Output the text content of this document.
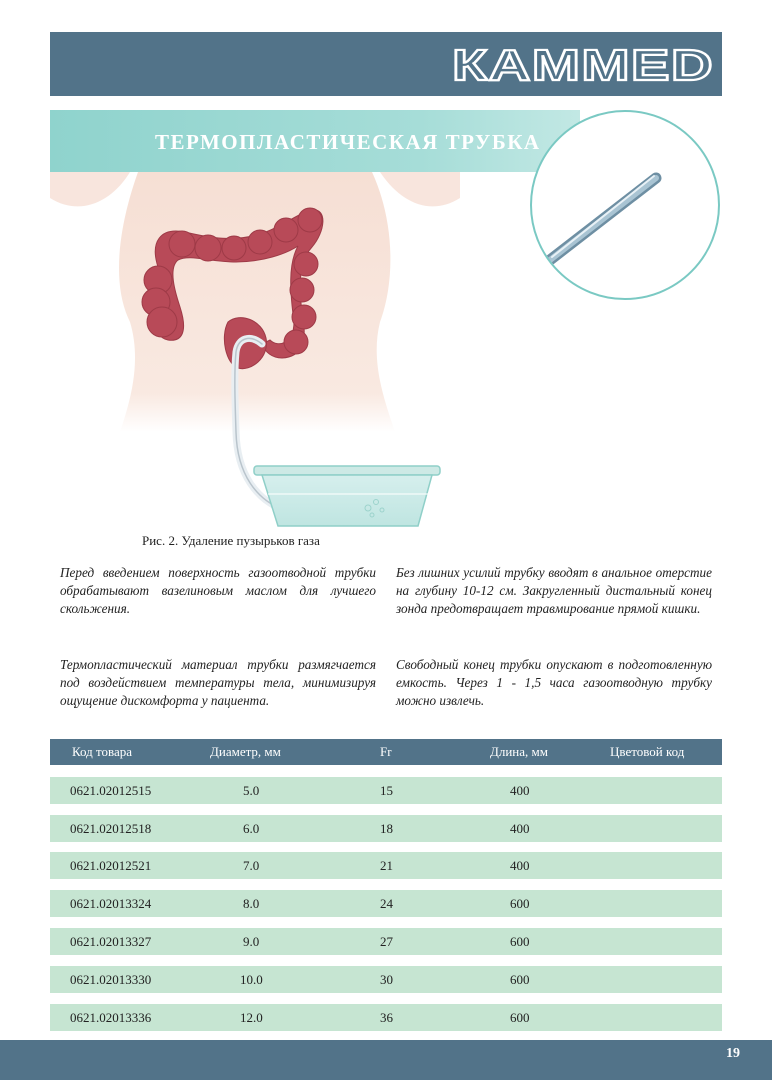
КАММЕD
ТЕРМОПЛАСТИЧЕСКАЯ ТРУБКА
Рис. 2. Удаление пузырьков газа

Перед введением поверхность газоотводной трубки обрабатывают вазелиновым маслом для лучшего скольжения.

Термопластический материал трубки размягчается под воздействием температуры тела, минимизируя ощущение дискомфорта у пациента.

Без лишних усилий трубку вводят в анальное отерстие на глубину 10-12 см. Закругленный дистальный конец зонда предотвращает травмирование прямой кишки.

Свободный конец трубки опускают в подготовленную емкость. Через 1 - 1,5 часа газоотводную трубку можно извлечь.

Код товара	Диаметр, мм	Fr	Длина, мм	Цветовой код
0621.02012515	5.0	15	400
0621.02012518	6.0	18	400
0621.02012521	7.0	21	400
0621.02013324	8.0	24	600
0621.02013327	9.0	27	600
0621.02013330	10.0	30	600
0621.02013336	12.0	36	600
19
